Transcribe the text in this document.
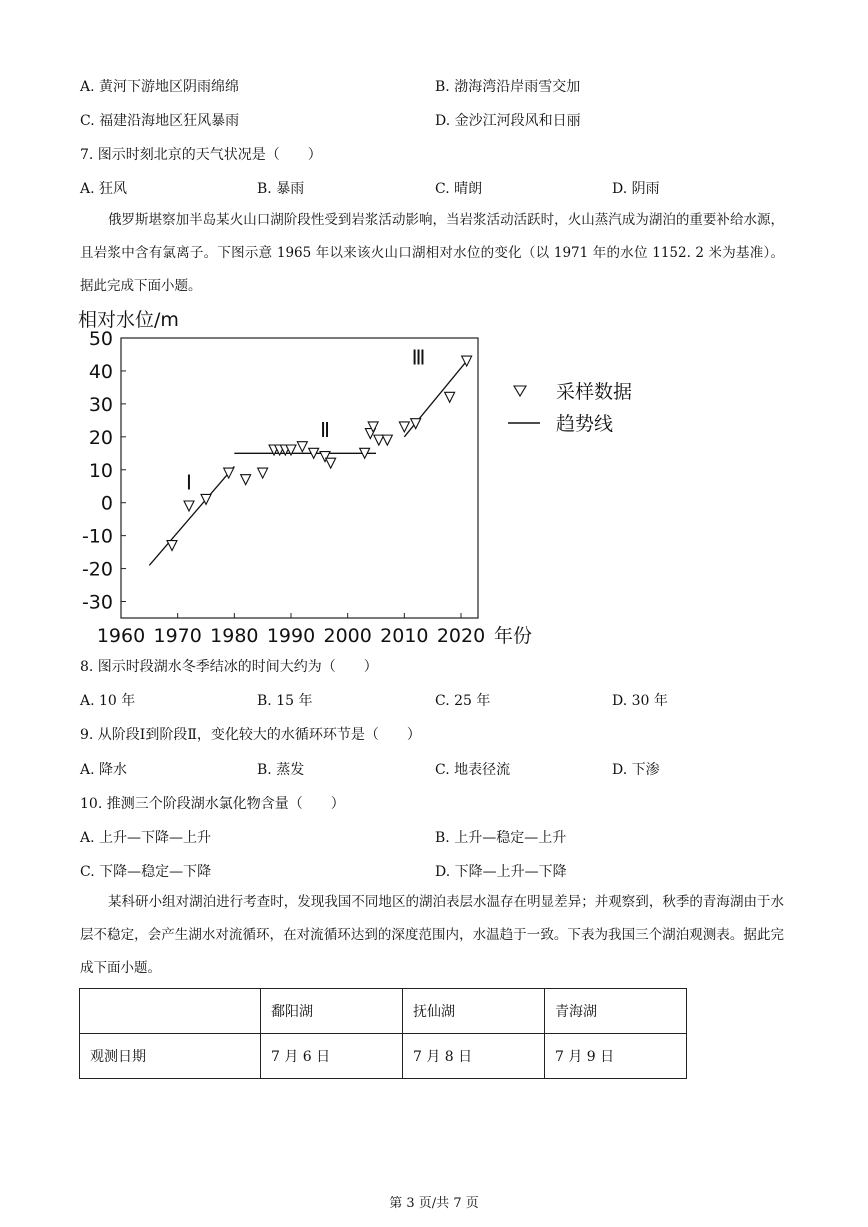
A. 黄河下游地区阴雨绵绵	B. 渤海湾沿岸雨雪交加
C. 福建沿海地区狂风暴雨	D. 金沙江河段风和日丽
7. 图示时刻北京的天气状况是（　　）
A. 狂风	B. 暴雨	C. 晴朗	D. 阴雨
俄罗斯堪察加半岛某火山口湖阶段性受到岩浆活动影响，当岩浆活动活跃时，火山蒸汽成为湖泊的重要补给水源，且岩浆中含有氯离子。下图示意 1965 年以来该火山口湖相对水位的变化（以 1971 年的水位 1152. 2 米为基准）。据此完成下面小题。
相对水位/m
50
40
30
20
10
0
-10
-20
-30
1960 1970 1980 1990 2000 2010 2020 年份
Ⅰ
Ⅱ
Ⅲ
采样数据
趋势线
8. 图示时段湖水冬季结冰的时间大约为（　　）
A. 10 年	B. 15 年	C. 25 年	D. 30 年
9. 从阶段Ⅰ到阶段Ⅱ，变化较大的水循环环节是（　　）
A. 降水	B. 蒸发	C. 地表径流	D. 下渗
10. 推测三个阶段湖水氯化物含量（　　）
A. 上升—下降—上升	B. 上升—稳定—上升
C. 下降—稳定—下降	D. 下降—上升—下降
某科研小组对湖泊进行考查时，发现我国不同地区的湖泊表层水温存在明显差异；并观察到，秋季的青海湖由于水层不稳定，会产生湖水对流循环，在对流循环达到的深度范围内，水温趋于一致。下表为我国三个湖泊观测表。据此完成下面小题。
	鄱阳湖	抚仙湖	青海湖
观测日期	7 月 6 日	7 月 8 日	7 月 9 日
第 3 页/共 7 页
